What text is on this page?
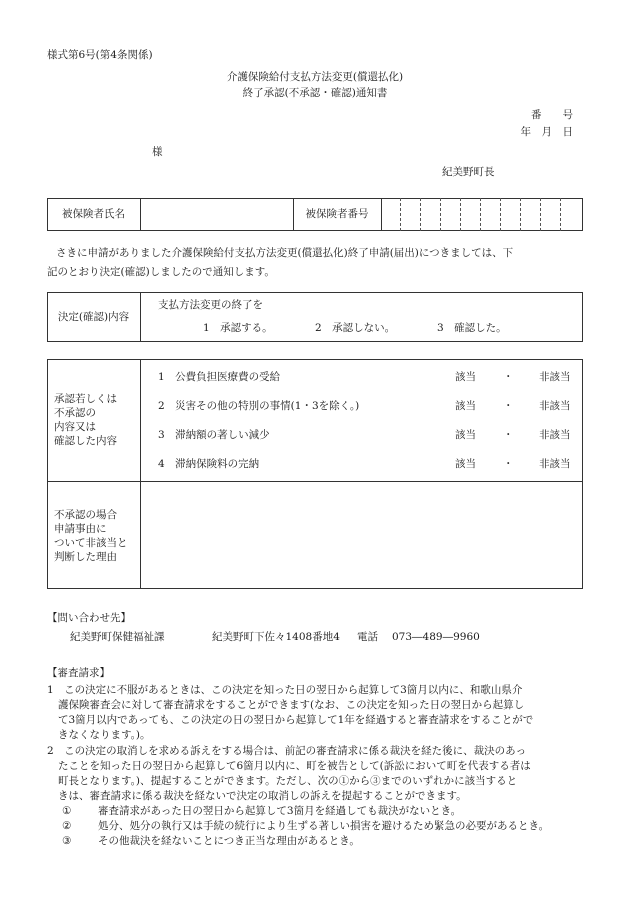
様式第6号(第4条関係)
介護保険給付支払方法変更(償還払化)
終了承認(不承認・確認)通知書
番　　号
年　月　日
様
紀美野町長
被保険者氏名	被保険者番号
さきに申請がありました介護保険給付支払方法変更(償還払化)終了申請(届出)につきましては、下
記のとおり決定(確認)しましたので通知します。
決定(確認)内容
支払方法変更の終了を
1　承認する。	2　承認しない。	3　確認した。
承認若しくは
不承認の
内容又は
確認した内容
1　公費負担医療費の受給	該当	・ 非該当
2　災害その他の特別の事情(1・3を除く。)	該当	・ 非該当
3　滞納額の著しい減少	該当	・ 非該当
4　滞納保険料の完納	該当	・ 非該当
不承認の場合
申請事由に
ついて非該当と
判断した理由
【問い合わせ先】
紀美野町保健福祉課	紀美野町下佐々1408番地4 電話 073―489―9960
【審査請求】
1　この決定に不服があるときは、この決定を知った日の翌日から起算して3箇月以内に、和歌山県介
護保険審査会に対して審査請求をすることができます(なお、この決定を知った日の翌日から起算し
て3箇月以内であっても、この決定の日の翌日から起算して1年を経過すると審査請求をすることがで
きなくなります。)。
2　この決定の取消しを求める訴えをする場合は、前記の審査請求に係る裁決を経た後に、裁決のあっ
たことを知った日の翌日から起算して6箇月以内に、町を被告として(訴訟において町を代表する者は
町長となります。)、提起することができます。ただし、次の①から③までのいずれかに該当すると
きは、審査請求に係る裁決を経ないで決定の取消しの訴えを提起することができます。
①	審査請求があった日の翌日から起算して3箇月を経過しても裁決がないとき。
②	処分、処分の執行又は手続の続行により生ずる著しい損害を避けるため緊急の必要があるとき。
③	その他裁決を経ないことにつき正当な理由があるとき。
